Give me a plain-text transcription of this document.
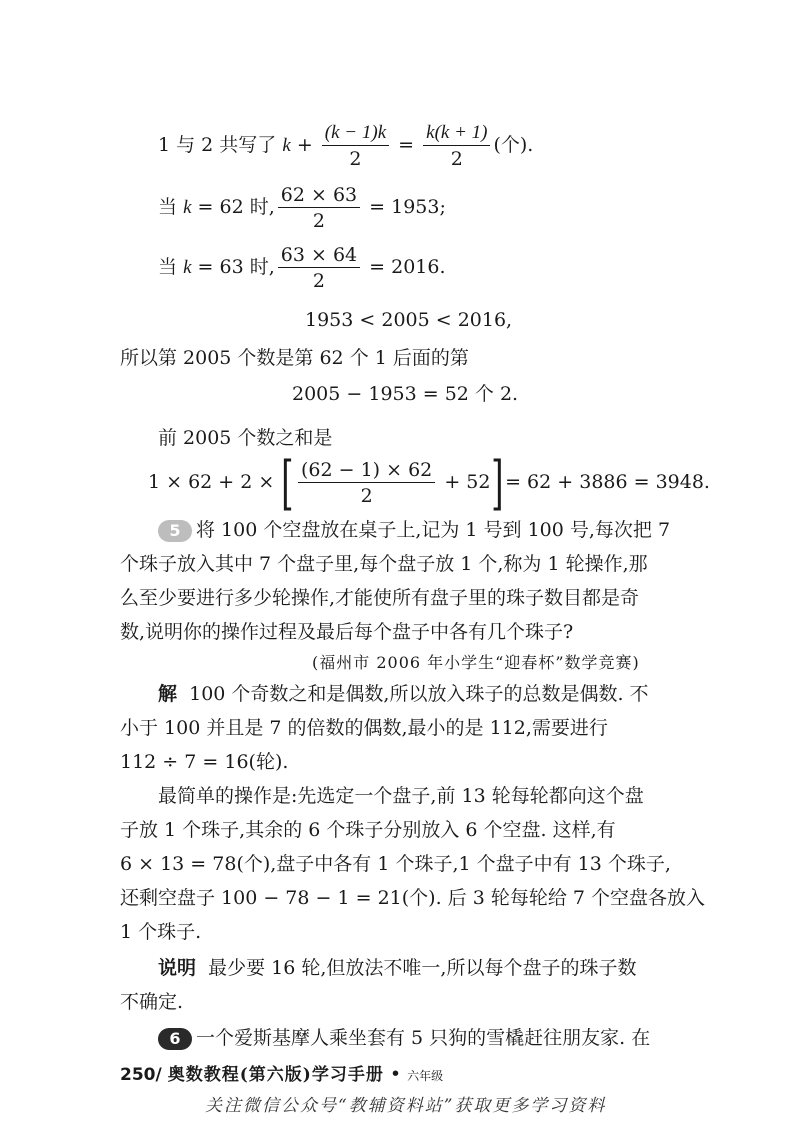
1 与 2 共写了 $k + \frac{(k - 1)k}{2} = \frac{k(k + 1)}{2}$ (个).
当 k = 62 时, $\frac{62 \times 63}{2} = 1953$;
当 k = 63 时, $\frac{63 \times 64}{2} = 2016$.
1953 < 2005 < 2016,
所以第 2005 个数是第 62 个 1 后面的第
2005 − 1953 = 52 个 2.
前 2005 个数之和是
1 × 62 + 2 × [ $\frac{(62 - 1) \times 62}{2} + 52]= 62 + 3886 = 3948$.
5 将 100 个空盘放在桌子上,记为 1 号到 100 号,每次把 7
个珠子放入其中 7 个盘子里,每个盘子放 1 个,称为 1 轮操作,那
么至少要进行多少轮操作,才能使所有盘子里的珠子数目都是奇
数,说明你的操作过程及最后每个盘子中各有几个珠子?
(福州市 2006 年小学生“迎春杯”数学竞赛)
解 100 个奇数之和是偶数,所以放入珠子的总数是偶数. 不
小于 100 并且是 7 的倍数的偶数,最小的是 112,需要进行
112 ÷ 7 = 16(轮).
最简单的操作是:先选定一个盘子,前 13 轮每轮都向这个盘
子放 1 个珠子,其余的 6 个珠子分别放入 6 个空盘. 这样,有
6 × 13 = 78(个),盘子中各有 1 个珠子,1 个盘子中有 13 个珠子,
还剩空盘子 100 − 78 − 1 = 21(个). 后 3 轮每轮给 7 个空盘各放入
1 个珠子.
说明 最少要 16 轮,但放法不唯一,所以每个盘子的珠子数
不确定.
6 一个爱斯基摩人乘坐套有 5 只狗的雪橇赶往朋友家. 在
250/ 奥数教程(第六版)学习手册 • 六年级
关注微信公众号“教辅资料站”获取更多学习资料
